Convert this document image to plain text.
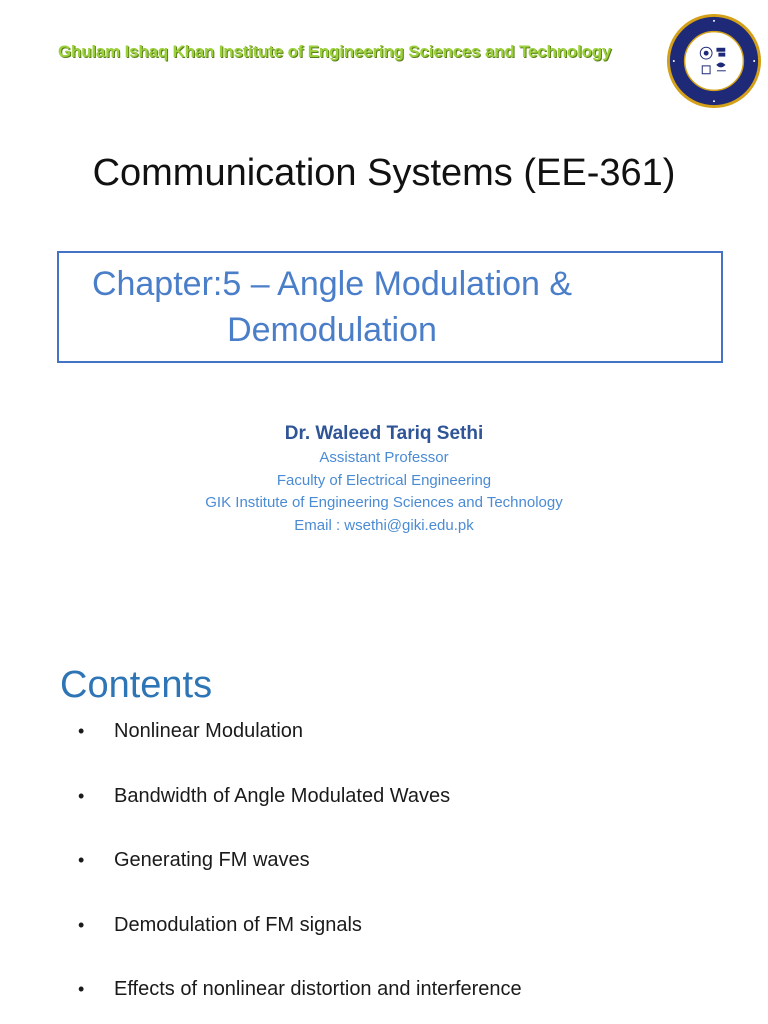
Ghulam Ishaq Khan Institute of Engineering Sciences and Technology
Communication Systems (EE-361)
Chapter:5 – Angle Modulation &
Demodulation
Dr. Waleed Tariq Sethi
Assistant Professor
Faculty of Electrical Engineering
GIK Institute of Engineering Sciences and Technology
Email : wsethi@giki.edu.pk
Contents
• Nonlinear Modulation
• Bandwidth of Angle Modulated Waves
• Generating FM waves
• Demodulation of FM signals
• Effects of nonlinear distortion and interference
